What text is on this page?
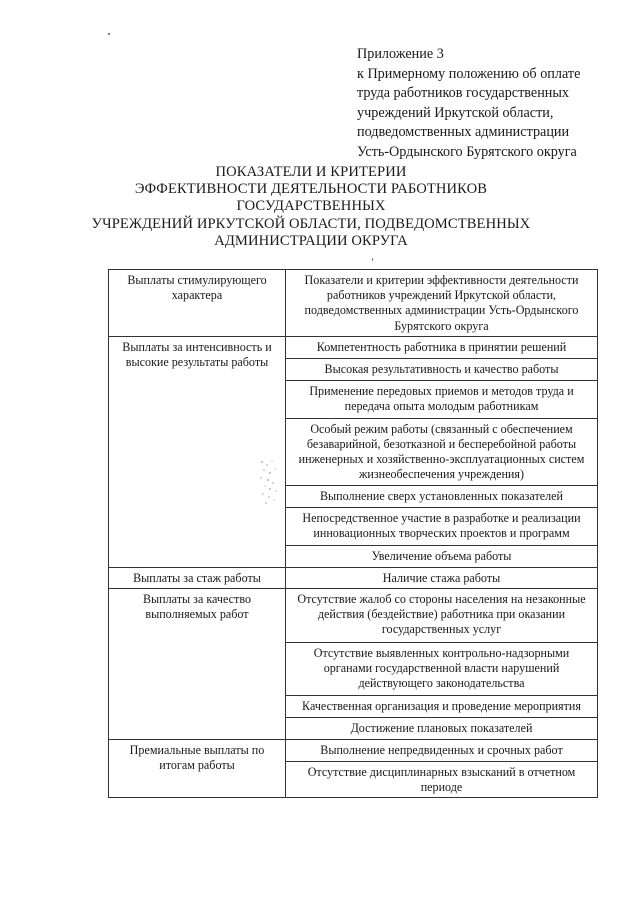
Приложение 3
к Примерному положению об оплате
труда работников государственных
учреждений Иркутской области,
подведомственных администрации
Усть-Ордынского Бурятского округа
ПОКАЗАТЕЛИ И КРИТЕРИИ
ЭФФЕКТИВНОСТИ ДЕЯТЕЛЬНОСТИ РАБОТНИКОВ
ГОСУДАРСТВЕННЫХ
УЧРЕЖДЕНИЙ ИРКУТСКОЙ ОБЛАСТИ, ПОДВЕДОМСТВЕННЫХ
АДМИНИСТРАЦИИ ОКРУГА
Выплаты стимулирующего характера	Показатели и критерии эффективности деятельности работников учреждений Иркутской области, подведомственных администрации Усть-Ордынского Бурятского округа
Выплаты за интенсивность и высокие результаты работы	Компетентность работника в принятии решений
	Высокая результативность и качество работы
	Применение передовых приемов и методов труда и передача опыта молодым работникам
	Особый режим работы (связанный с обеспечением безаварийной, безотказной и бесперебойной работы инженерных и хозяйственно-эксплуатационных систем жизнеобеспечения учреждения)
	Выполнение сверх установленных показателей
	Непосредственное участие в разработке и реализации инновационных творческих проектов и программ
	Увеличение объема работы
Выплаты за стаж работы	Наличие стажа работы
Выплаты за качество выполняемых работ	Отсутствие жалоб со стороны населения на незаконные действия (бездействие) работника при оказании государственных услуг
	Отсутствие выявленных контрольно-надзорными органами государственной власти нарушений действующего законодательства
	Качественная организация и проведение мероприятия
	Достижение плановых показателей
Премиальные выплаты по итогам работы	Выполнение непредвиденных и срочных работ
	Отсутствие дисциплинарных взысканий в отчетном периоде
